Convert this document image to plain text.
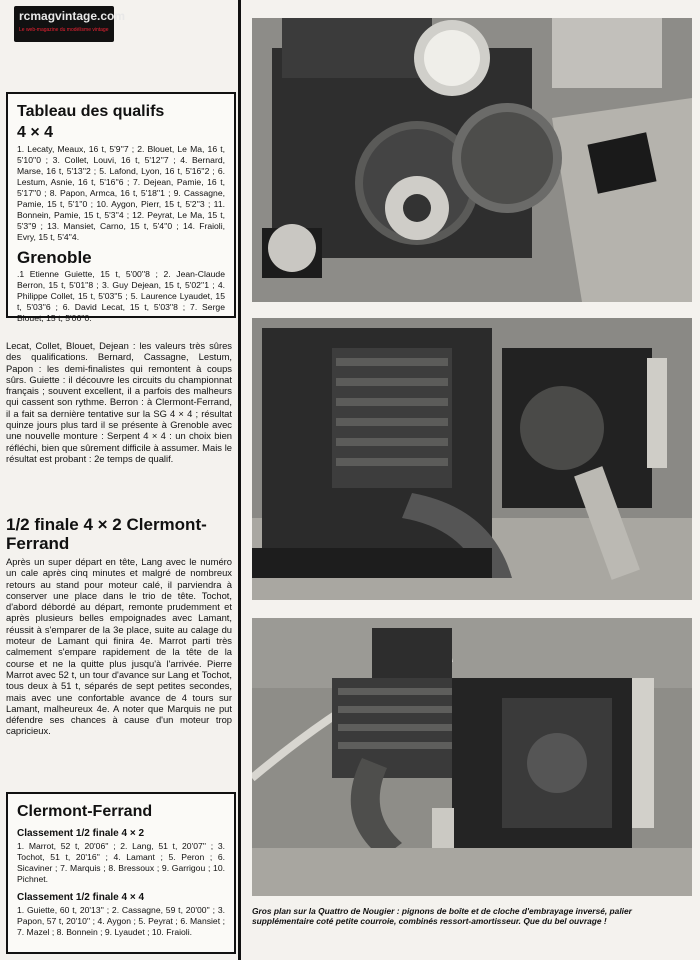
rcmagvintage.com
Le web-magazine du modélisme vintage
Tableau des qualifs
4 × 4

1. Lecaty, Meaux, 16 t, 5'9''7 ; 2. Blouet, Le Ma, 16 t, 5'10''0 ; 3. Collet, Louvi, 16 t, 5'12''7 ; 4. Bernard, Marse, 16 t, 5'13''2 ; 5. Lafond, Lyon, 16 t, 5'16''2 ; 6. Lestum, Asnie, 16 t, 5'16''6 ; 7. Dejean, Pamie, 16 t, 5'17''0 ; 8. Papon, Armca, 16 t, 5'18''1 ; 9. Cassagne, Pamie, 15 t, 5'1''0 ; 10. Aygon, Pierr, 15 t, 5'2''3 ; 11. Bonnein, Pamie, 15 t, 5'3''4 ; 12. Peyrat, Le Ma, 15 t, 5'3''9 ; 13. Mansiet, Carno, 15 t, 5'4''0 ; 14. Fraioli, Evry, 15 t, 5'4''4.

Grenoble

.1 Etienne Guiette, 15 t, 5'00''8 ; 2. Jean-Claude Berron, 15 t, 5'01''8 ; 3. Guy Dejean, 15 t, 5'02''1 ; 4. Philippe Collet, 15 t, 5'03''5 ; 5. Laurence Lyaudet, 15 t, 5'03''6 ; 6. David Lecat, 15 t, 5'03''8 ; 7. Serge Blouet, 15 t, 5'06''0.

Lecat, Collet, Blouet, Dejean : les valeurs très sûres des qualifications. Bernard, Cassagne, Lestum, Papon : les demi-finalistes qui remontent à coups sûrs. Guiette : il découvre les circuits du championnat français ; souvent excellent, il a parfois des malheurs qui cassent son rythme. Berron : à Clermont-Ferrand, il a fait sa dernière tentative sur la SG 4 × 4 ; résultat quinze jours plus tard il se présente à Grenoble avec une nouvelle monture : Serpent 4 × 4 : un choix bien réfléchi, bien que sûrement difficile à assumer. Mais le résultat est probant : 2e temps de qualif.
1/2 finale 4 × 2 Clermont-Ferrand
Après un super départ en tête, Lang avec le numéro un cale après cinq minutes et malgré de nombreux retours au stand pour moteur calé, il parviendra à conserver une place dans le trio de tête. Tochot, d'abord débordé au départ, remonte prudemment et après plusieurs belles empoignades avec Lamant, réussit à s'emparer de la 3e place, suite au calage du moteur de Lamant qui finira 4e. Marrot parti très calmement s'empare rapidement de la tête de la course et ne la quitte plus jusqu'à l'arrivée. Pierre Marrot avec 52 t, un tour d'avance sur Lang et Tochot, tous deux à 51 t, séparés de sept petites secondes, mais avec une confortable avance de 4 tours sur Lamant, malheureux 4e. A noter que Marquis ne put défendre ses chances à cause d'un moteur trop capricieux.
Clermont-Ferrand
Classement 1/2 finale 4 × 2

1. Marrot, 52 t, 20'06'' ; 2. Lang, 51 t, 20'07'' ; 3. Tochot, 51 t, 20'16'' ; 4. Lamant ; 5. Peron ; 6. Sicaviner ; 7. Marquis ; 8. Bressoux ; 9. Garrigou ; 10. Pichnet.

Classement 1/2 finale 4 × 4

1. Guiette, 60 t, 20'13'' ; 2. Cassagne, 59 t, 20'00'' ; 3. Papon, 57 t, 20'10'' ; 4. Aygon ; 5. Peyrat ; 6. Mansiet ; 7. Mazel ; 8. Bonnein ; 9. Lyaudet ; 10. Fraioli.

Gros plan sur la Quattro de Nougier : pignons de boîte et de cloche d'embrayage inversé, palier supplémentaire coté petite courroie, combinés ressort-amortisseur. Que du bel ouvrage !
